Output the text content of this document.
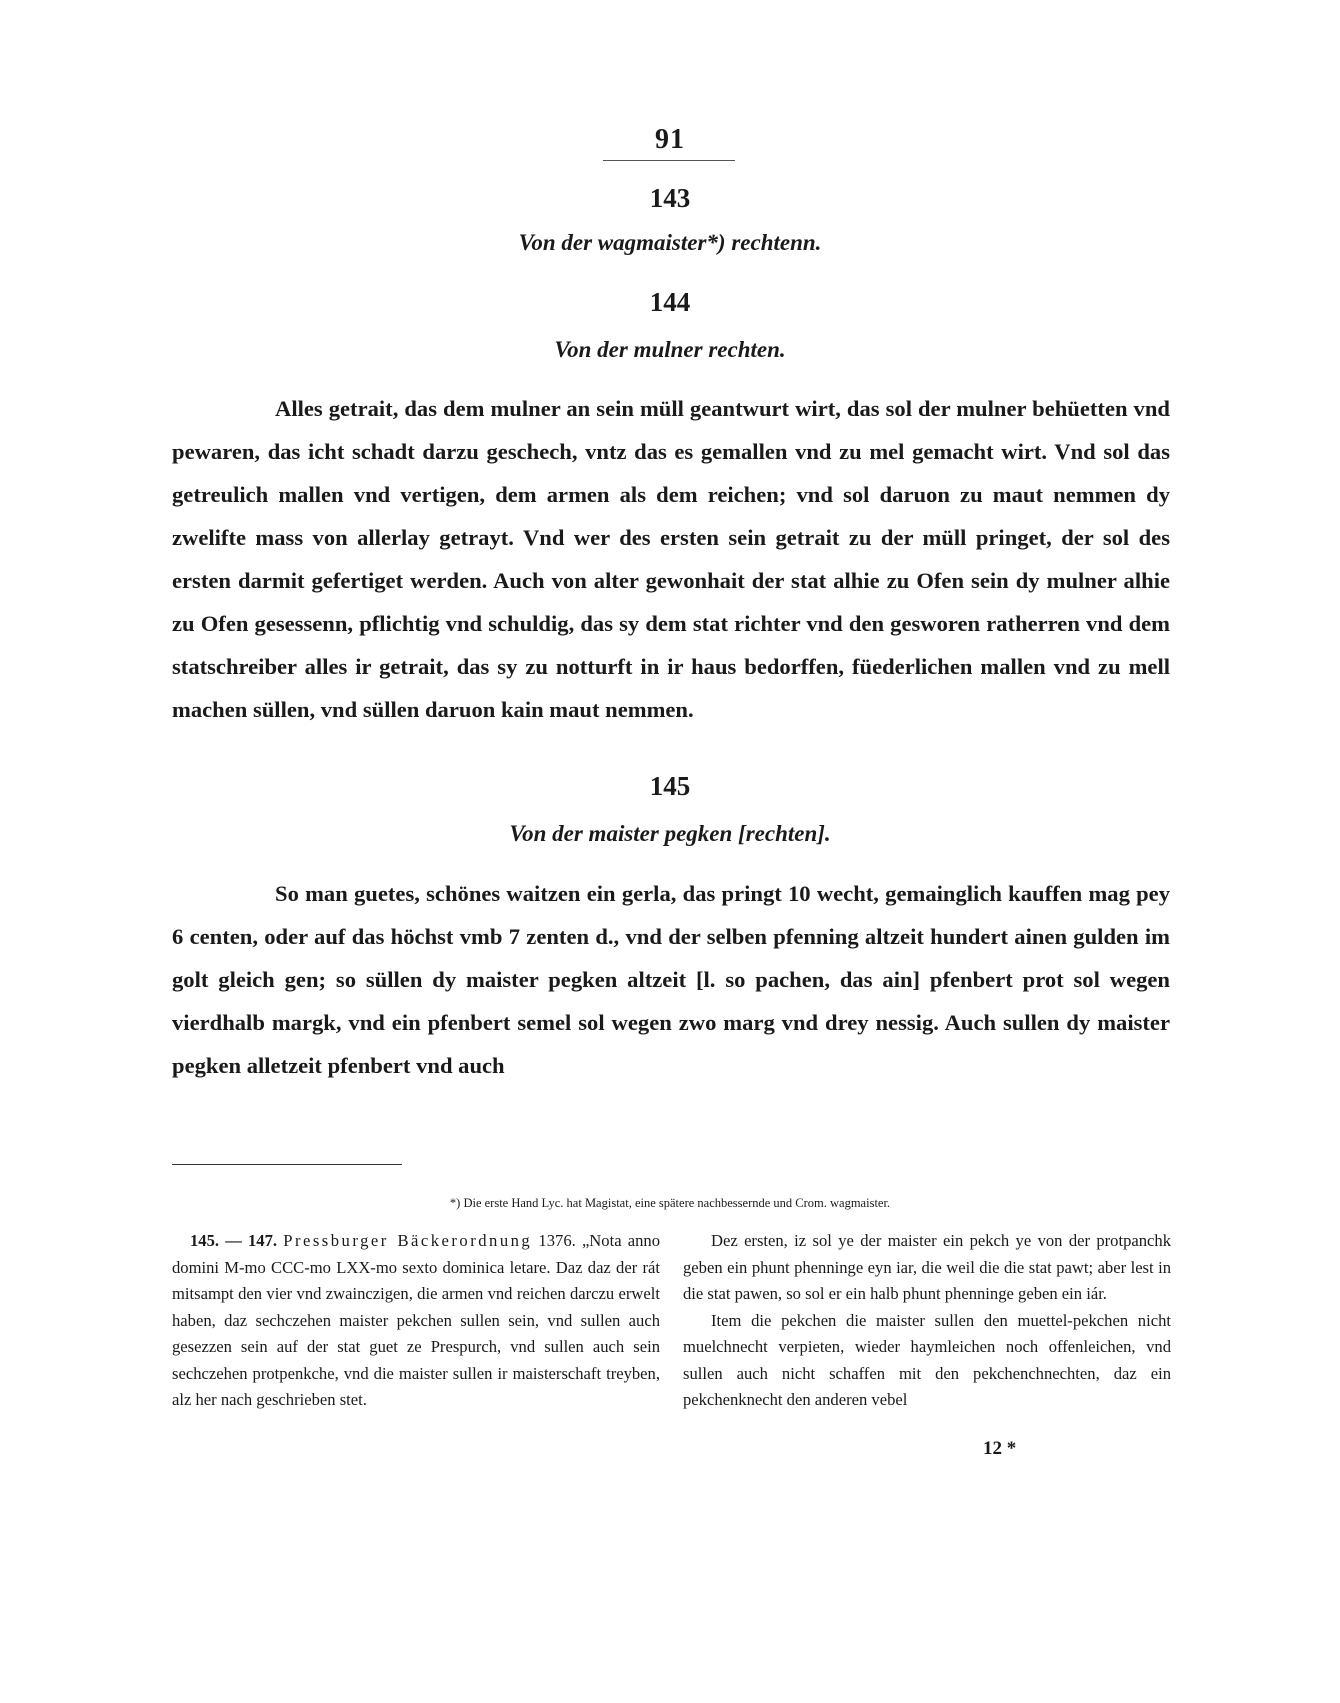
91
143
Von der wagmaister*) rechtenn.
144
Von der mulner rechten.
Alles getrait, das dem mulner an sein müll geantwurt wirt, das sol der mulner behüetten vnd pewaren, das icht schadt darzu geschech, vntz das es gemallen vnd zu mel gemacht wirt. Vnd sol das getreulich mallen vnd vertigen, dem armen als dem reichen; vnd sol daruon zu maut nemmen dy zwelifte mass von allerlay getrayt. Vnd wer des ersten sein getrait zu der müll pringet, der sol des ersten darmit gefertiget werden. Auch von alter gewonhait der stat alhie zu Ofen sein dy mulner alhie zu Ofen gesessenn, pflichtig vnd schuldig, das sy dem stat richter vnd den gesworen ratherren vnd dem statschreiber alles ir getrait, das sy zu notturft in ir haus bedorffen, füederlichen mallen vnd zu mell machen süllen, vnd süllen daruon kain maut nemmen.
145
Von der maister pegken [rechten].
So man guetes, schönes waitzen ein gerla, das pringt 10 wecht, gemainglich kauffen mag pey 6 centen, oder auf das höchst vmb 7 zenten d., vnd der selben pfenning altzeit hundert ainen gulden im golt gleich gen; so süllen dy maister pegken altzeit [l. so pachen, das ain] pfenbert prot sol wegen vierdhalb margk, vnd ein pfenbert semel sol wegen zwo marg vnd drey nessig. Auch sullen dy maister pegken alletzeit pfenbert vnd auch
*) Die erste Hand Lyc. hat Magistat, eine spätere nachbessernde und Crom. wagmaister.

145. — 147. Pressburger Bäckerordnung 1376. „Nota anno domini M-mo CCC-mo LXX-mo sexto dominica letare. Daz daz der rát mitsampt den vier vnd zwainczigen, die armen vnd reichen darczu erwelt haben, daz sechczehen maister pekchen sullen sein, vnd sullen auch gesezzen sein auf der stat guet ze Prespurch, vnd sullen auch sein sechczehen protpenkche, vnd die maister sullen ir maisterschaft treyben, alz her nach geschrieben stet.

Dez ersten, iz sol ye der maister ein pekch ye von der protpanchk geben ein phunt phenninge eyn iar, die weil die die stat pawt; aber lest in die stat pawen, so sol er ein halb phunt phenninge geben ein iár.

Item die pekchen die maister sullen den muettel-pekchen nicht muelchnecht verpieten, wieder haymleichen noch offenleichen, vnd sullen auch nicht schaffen mit den pekchenchnechten, daz ein pekchenknecht den anderen vebel

12 *
